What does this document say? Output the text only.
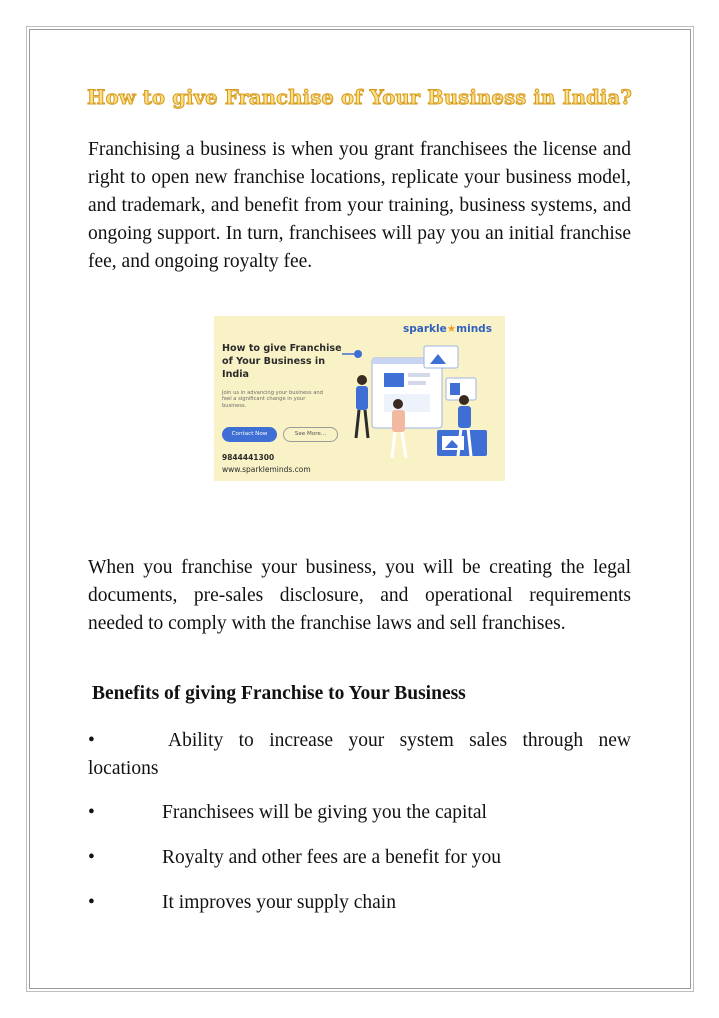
How to give Franchise of Your Business in India?

Franchising a business is when you grant franchisees the license and right to open new franchise locations, replicate your business model, and trademark, and benefit from your training, business systems, and ongoing support. In turn, franchisees will pay you an initial franchise fee, and ongoing royalty fee.

sparkle★minds
How to give Franchise of Your Business in India
Join us in advancing your business and feel a significant change in your business.
Contact Now	See More...
9844441300
www.sparkleminds.com

When you franchise your business, you will be creating the legal documents, pre-sales disclosure, and operational requirements needed to comply with the franchise laws and sell franchises.

Benefits of giving Franchise to Your Business
•	Ability to increase your system sales through new locations
•	Franchisees will be giving you the capital
•	Royalty and other fees are a benefit for you
•	It improves your supply chain
